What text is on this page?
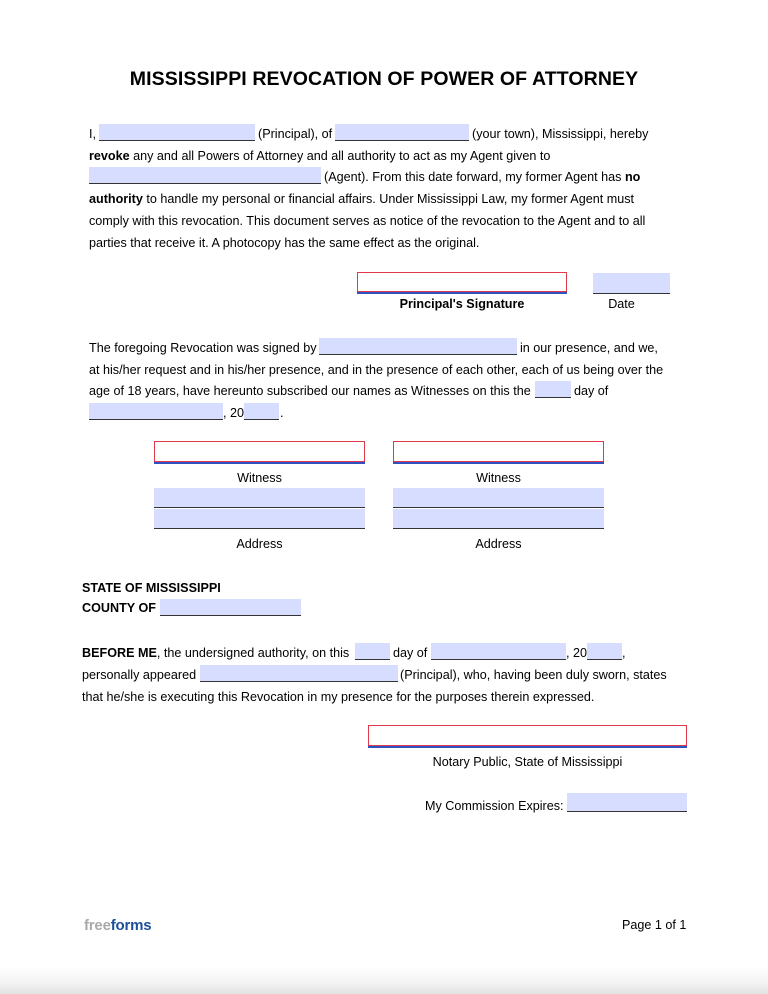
MISSISSIPPI REVOCATION OF POWER OF ATTORNEY
I,	(Principal), of	(your town), Mississippi, hereby
revoke any and all Powers of Attorney and all authority to act as my Agent given to
(Agent). From this date forward, my former Agent has no
authority to handle my personal or financial affairs. Under Mississippi Law, my former Agent must
comply with this revocation. This document serves as notice of the revocation to the Agent and to all
parties that receive it. A photocopy has the same effect as the original.
Principal's Signature	Date
The foregoing Revocation was signed by	in our presence, and we,
at his/her request and in his/her presence, and in the presence of each other, each of us being over the
age of 18 years, have hereunto subscribed our names as Witnesses on this the	day of
, 20	.
Witness
Address
Witness
Address
STATE OF MISSISSIPPI
COUNTY OF
BEFORE ME, the undersigned authority, on this	day of	, 20	,
personally appeared	(Principal), who, having been duly sworn, states
that he/she is executing this Revocation in my presence for the purposes therein expressed.
Notary Public, State of Mississippi
My Commission Expires:
freeforms	Page 1 of 1
